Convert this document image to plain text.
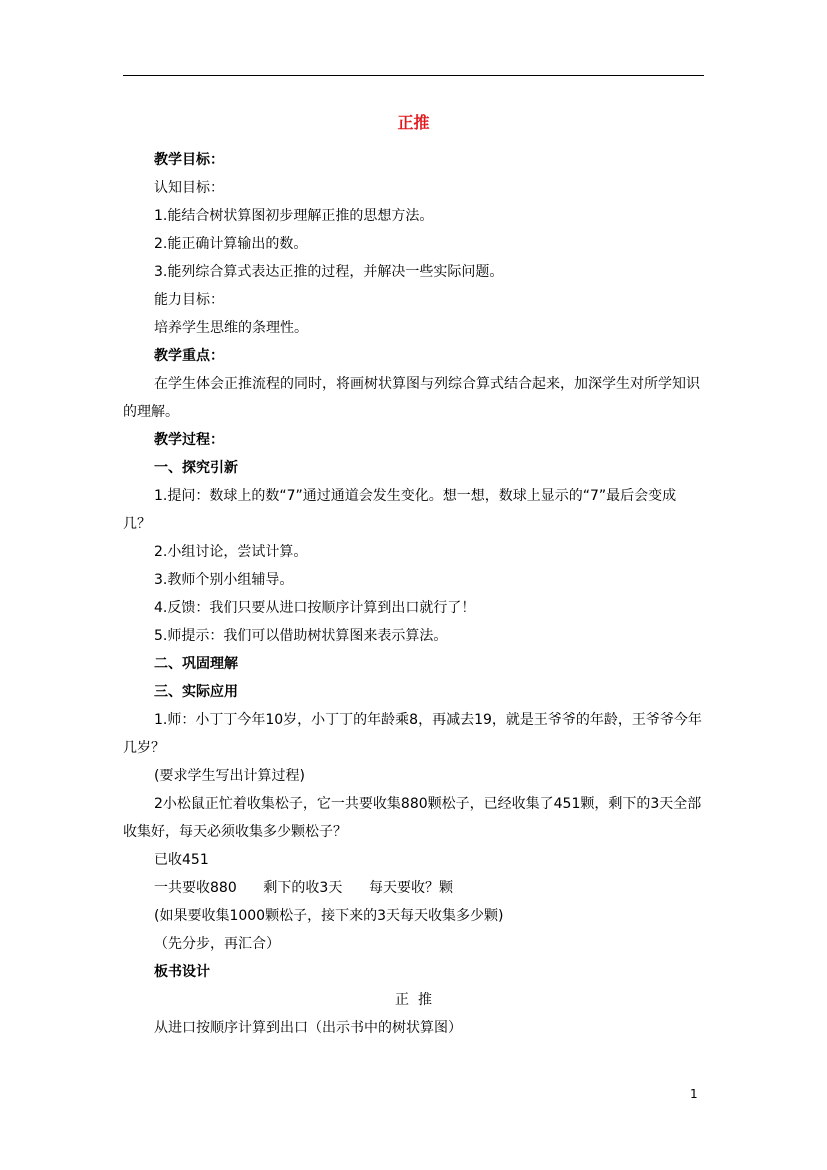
正推

教学目标：

认知目标：

1.能结合树状算图初步理解正推的思想方法。

2.能正确计算输出的数。

3.能列综合算式表达正推的过程，并解决一些实际问题。

能力目标：

培养学生思维的条理性。

教学重点：

在学生体会正推流程的同时，将画树状算图与列综合算式结合起来，加深学生对所学知识的理解。

教学过程：

一、探究引新

1.提问：数球上的数“7”通过通道会发生变化。想一想，数球上显示的“7”最后会变成几？

2.小组讨论，尝试计算。

3.教师个别小组辅导。

4.反馈：我们只要从进口按顺序计算到出口就行了！

5.师提示：我们可以借助树状算图来表示算法。

二、巩固理解

三、实际应用

1.师：小丁丁今年10岁，小丁丁的年龄乘8，再减去19，就是王爷爷的年龄，王爷爷今年几岁？

(要求学生写出计算过程)

2小松鼠正忙着收集松子，它一共要收集880颗松子，已经收集了451颗，剩下的3天全部收集好，每天必须收集多少颗松子？

已收451

一共要收880      剩下的收3天      每天要收？颗

(如果要收集1000颗松子，接下来的3天每天收集多少颗)

（先分步，再汇合）

板书设计

正  推

从进口按顺序计算到出口（出示书中的树状算图）

1
